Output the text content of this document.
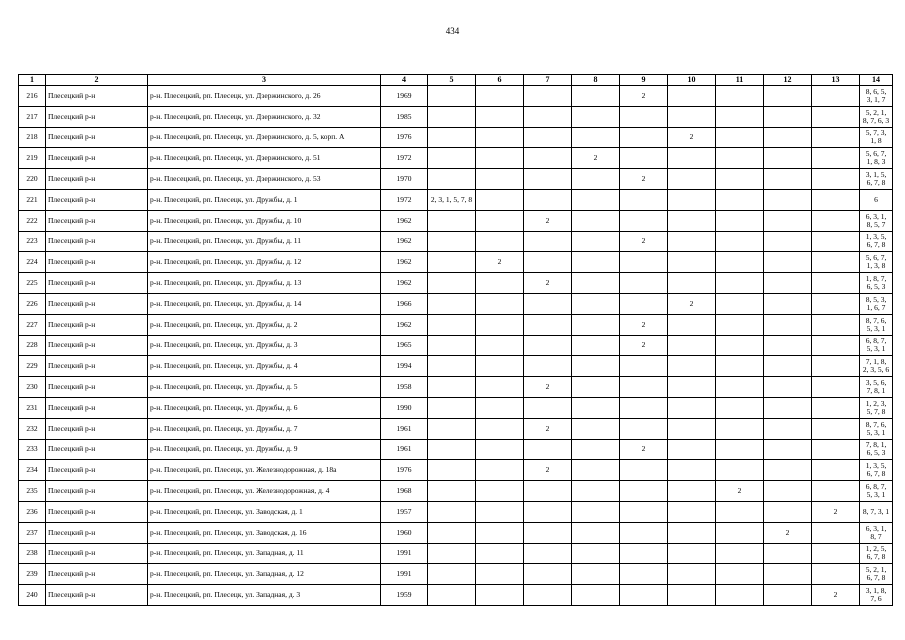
434
1	2	3	4	5	6	7	8	9	10	11	12	13	14
216	Плесецкий р-н	р-н. Плесецкий, рп. Плесецк, ул. Дзержинского, д. 26	1969					2					8, 6, 5, 3, 1, 7
217	Плесецкий р-н	р-н. Плесецкий, рп. Плесецк, ул. Дзержинского, д. 32	1985										5, 2, 1, 8, 7, 6, 3
218	Плесецкий р-н	р-н. Плесецкий, рп. Плесецк, ул. Дзержинского, д. 5, корп. А	1976						2				5, 7, 3, 1, 8
219	Плесецкий р-н	р-н. Плесецкий, рп. Плесецк, ул. Дзержинского, д. 51	1972				2						5, 6, 7, 1, 8, 3
220	Плесецкий р-н	р-н. Плесецкий, рп. Плесецк, ул. Дзержинского, д. 53	1970					2					3, 1, 5, 6, 7, 8
221	Плесецкий р-н	р-н. Плесецкий, рп. Плесецк, ул. Дружбы, д. 1	1972	2, 3, 1, 5, 7, 8									6
222	Плесецкий р-н	р-н. Плесецкий, рп. Плесецк, ул. Дружбы, д. 10	1962			2							6, 3, 1, 8, 5, 7
223	Плесецкий р-н	р-н. Плесецкий, рп. Плесецк, ул. Дружбы, д. 11	1962					2					1, 3, 5, 6, 7, 8
224	Плесецкий р-н	р-н. Плесецкий, рп. Плесецк, ул. Дружбы, д. 12	1962		2								5, 6, 7, 1, 3, 8
225	Плесецкий р-н	р-н. Плесецкий, рп. Плесецк, ул. Дружбы, д. 13	1962			2							1, 8, 7, 6, 5, 3
226	Плесецкий р-н	р-н. Плесецкий, рп. Плесецк, ул. Дружбы, д. 14	1966						2				8, 5, 3, 1, 6, 7
227	Плесецкий р-н	р-н. Плесецкий, рп. Плесецк, ул. Дружбы, д. 2	1962					2					8, 7, 6, 5, 3, 1
228	Плесецкий р-н	р-н. Плесецкий, рп. Плесецк, ул. Дружбы, д. 3	1965					2					6, 8, 7, 5, 3, 1
229	Плесецкий р-н	р-н. Плесецкий, рп. Плесецк, ул. Дружбы, д. 4	1994										7, 1, 8, 2, 3, 5, 6
230	Плесецкий р-н	р-н. Плесецкий, рп. Плесецк, ул. Дружбы, д. 5	1958			2							3, 5, 6, 7, 8, 1
231	Плесецкий р-н	р-н. Плесецкий, рп. Плесецк, ул. Дружбы, д. 6	1990										1, 2, 3, 5, 7, 8
232	Плесецкий р-н	р-н. Плесецкий, рп. Плесецк, ул. Дружбы, д. 7	1961			2							8, 7, 6, 5, 3, 1
233	Плесецкий р-н	р-н. Плесецкий, рп. Плесецк, ул. Дружбы, д. 9	1961					2					7, 8, 1, 6, 5, 3
234	Плесецкий р-н	р-н. Плесецкий, рп. Плесецк, ул. Железнодорожная, д. 18а	1976			2							1, 3, 5, 6, 7, 8
235	Плесецкий р-н	р-н. Плесецкий, рп. Плесецк, ул. Железнодорожная, д. 4	1968							2			6, 8, 7, 5, 3, 1
236	Плесецкий р-н	р-н. Плесецкий, рп. Плесецк, ул. Заводская, д. 1	1957									2	8, 7, 3, 1
237	Плесецкий р-н	р-н. Плесецкий, рп. Плесецк, ул. Заводская, д. 16	1960								2		6, 3, 1, 8, 7
238	Плесецкий р-н	р-н. Плесецкий, рп. Плесецк, ул. Западная, д. 11	1991										1, 2, 5, 6, 7, 8
239	Плесецкий р-н	р-н. Плесецкий, рп. Плесецк, ул. Западная, д. 12	1991										5, 2, 1, 6, 7, 8
240	Плесецкий р-н	р-н. Плесецкий, рп. Плесецк, ул. Западная, д. 3	1959									2	3, 1, 8, 7, 6
